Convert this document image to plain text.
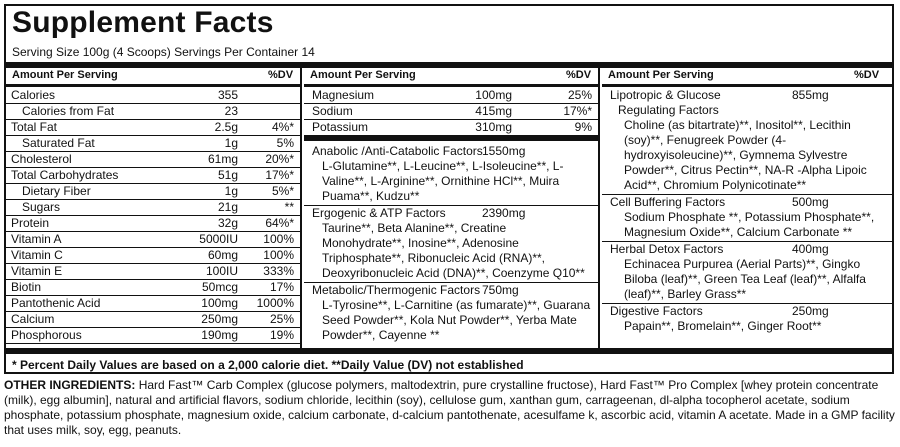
Supplement Facts
Serving Size 100g (4 Scoops) Servings Per Container 14
Amount Per Serving	%DV
Calories	355
Calories from Fat	23
Total Fat	2.5g	4%*
Saturated Fat	1g	5%
Cholesterol	61mg 20%*
Total Carbohydrates	51g 17%*
Dietary Fiber	1g	5%*
Sugars	21g	**
Protein	32g 64%*
Vitamin A	5000IU 100%
Vitamin C	60mg 100%
Vitamin E	100IU 333%
Biotin	50mcg	17%
Pantothenic Acid	100mg 1000%
Calcium	250mg	25%
Phosphorous	190mg	19%
Amount Per Serving	%DV
Magnesium	100mg	25%
Sodium	415mg	17%*
Potassium	310mg	9%
Anabolic /Anti-Catabolic Factors 1550mg
L-Glutamine**, L-Leucine**, L-Isoleucine**, L-Valine**, L-Arginine**, Ornithine HCl**, Muira Puama**, Kudzu**
Ergogenic & ATP Factors	2390mg
Taurine**, Beta Alanine**, Creatine Monohydrate**, Inosine**, Adenosine Triphosphate**, Ribonucleic Acid (RNA)**, Deoxyribonucleic Acid (DNA)**, Coenzyme Q10**
Metabolic/Thermogenic Factors 750mg
L-Tyrosine**, L-Carnitine (as fumarate)**, Guarana Seed Powder**, Kola Nut Powder**, Yerba Mate Powder**, Cayenne **
Amount Per Serving	%DV
Lipotropic & Glucose	855mg
Regulating Factors
Choline (as bitartrate)**, Inositol**, Lecithin (soy)**, Fenugreek Powder (4-hydroxyisoleucine)**, Gymnema Sylvestre Powder**, Citrus Pectin**, NA-R -Alpha Lipoic Acid**, Chromium Polynicotinate**
Cell Buffering Factors	500mg
Sodium Phosphate **, Potassium Phosphate**, Magnesium Oxide**, Calcium Carbonate **
Herbal Detox Factors	400mg
Echinacea Purpurea (Aerial Parts)**, Gingko Biloba (leaf)**, Green Tea Leaf (leaf)**, Alfalfa (leaf)**, Barley Grass**
Digestive Factors	250mg
Papain**, Bromelain**, Ginger Root**
* Percent Daily Values are based on a 2,000 calorie diet. **Daily Value (DV) not established
OTHER INGREDIENTS: Hard Fast™ Carb Complex (glucose polymers, maltodextrin, pure crystalline fructose), Hard Fast™ Pro Complex [whey protein concentrate (milk), egg albumin], natural and artificial flavors, sodium chloride, lecithin (soy), cellulose gum, xanthan gum, carrageenan, dl-alpha tocopherol acetate, sodium phosphate, potassium phosphate, magnesium oxide, calcium carbonate, d-calcium pantothenate, acesulfame k, ascorbic acid, vitamin A acetate. Made in a GMP facility that uses milk, soy, egg, peanuts.
